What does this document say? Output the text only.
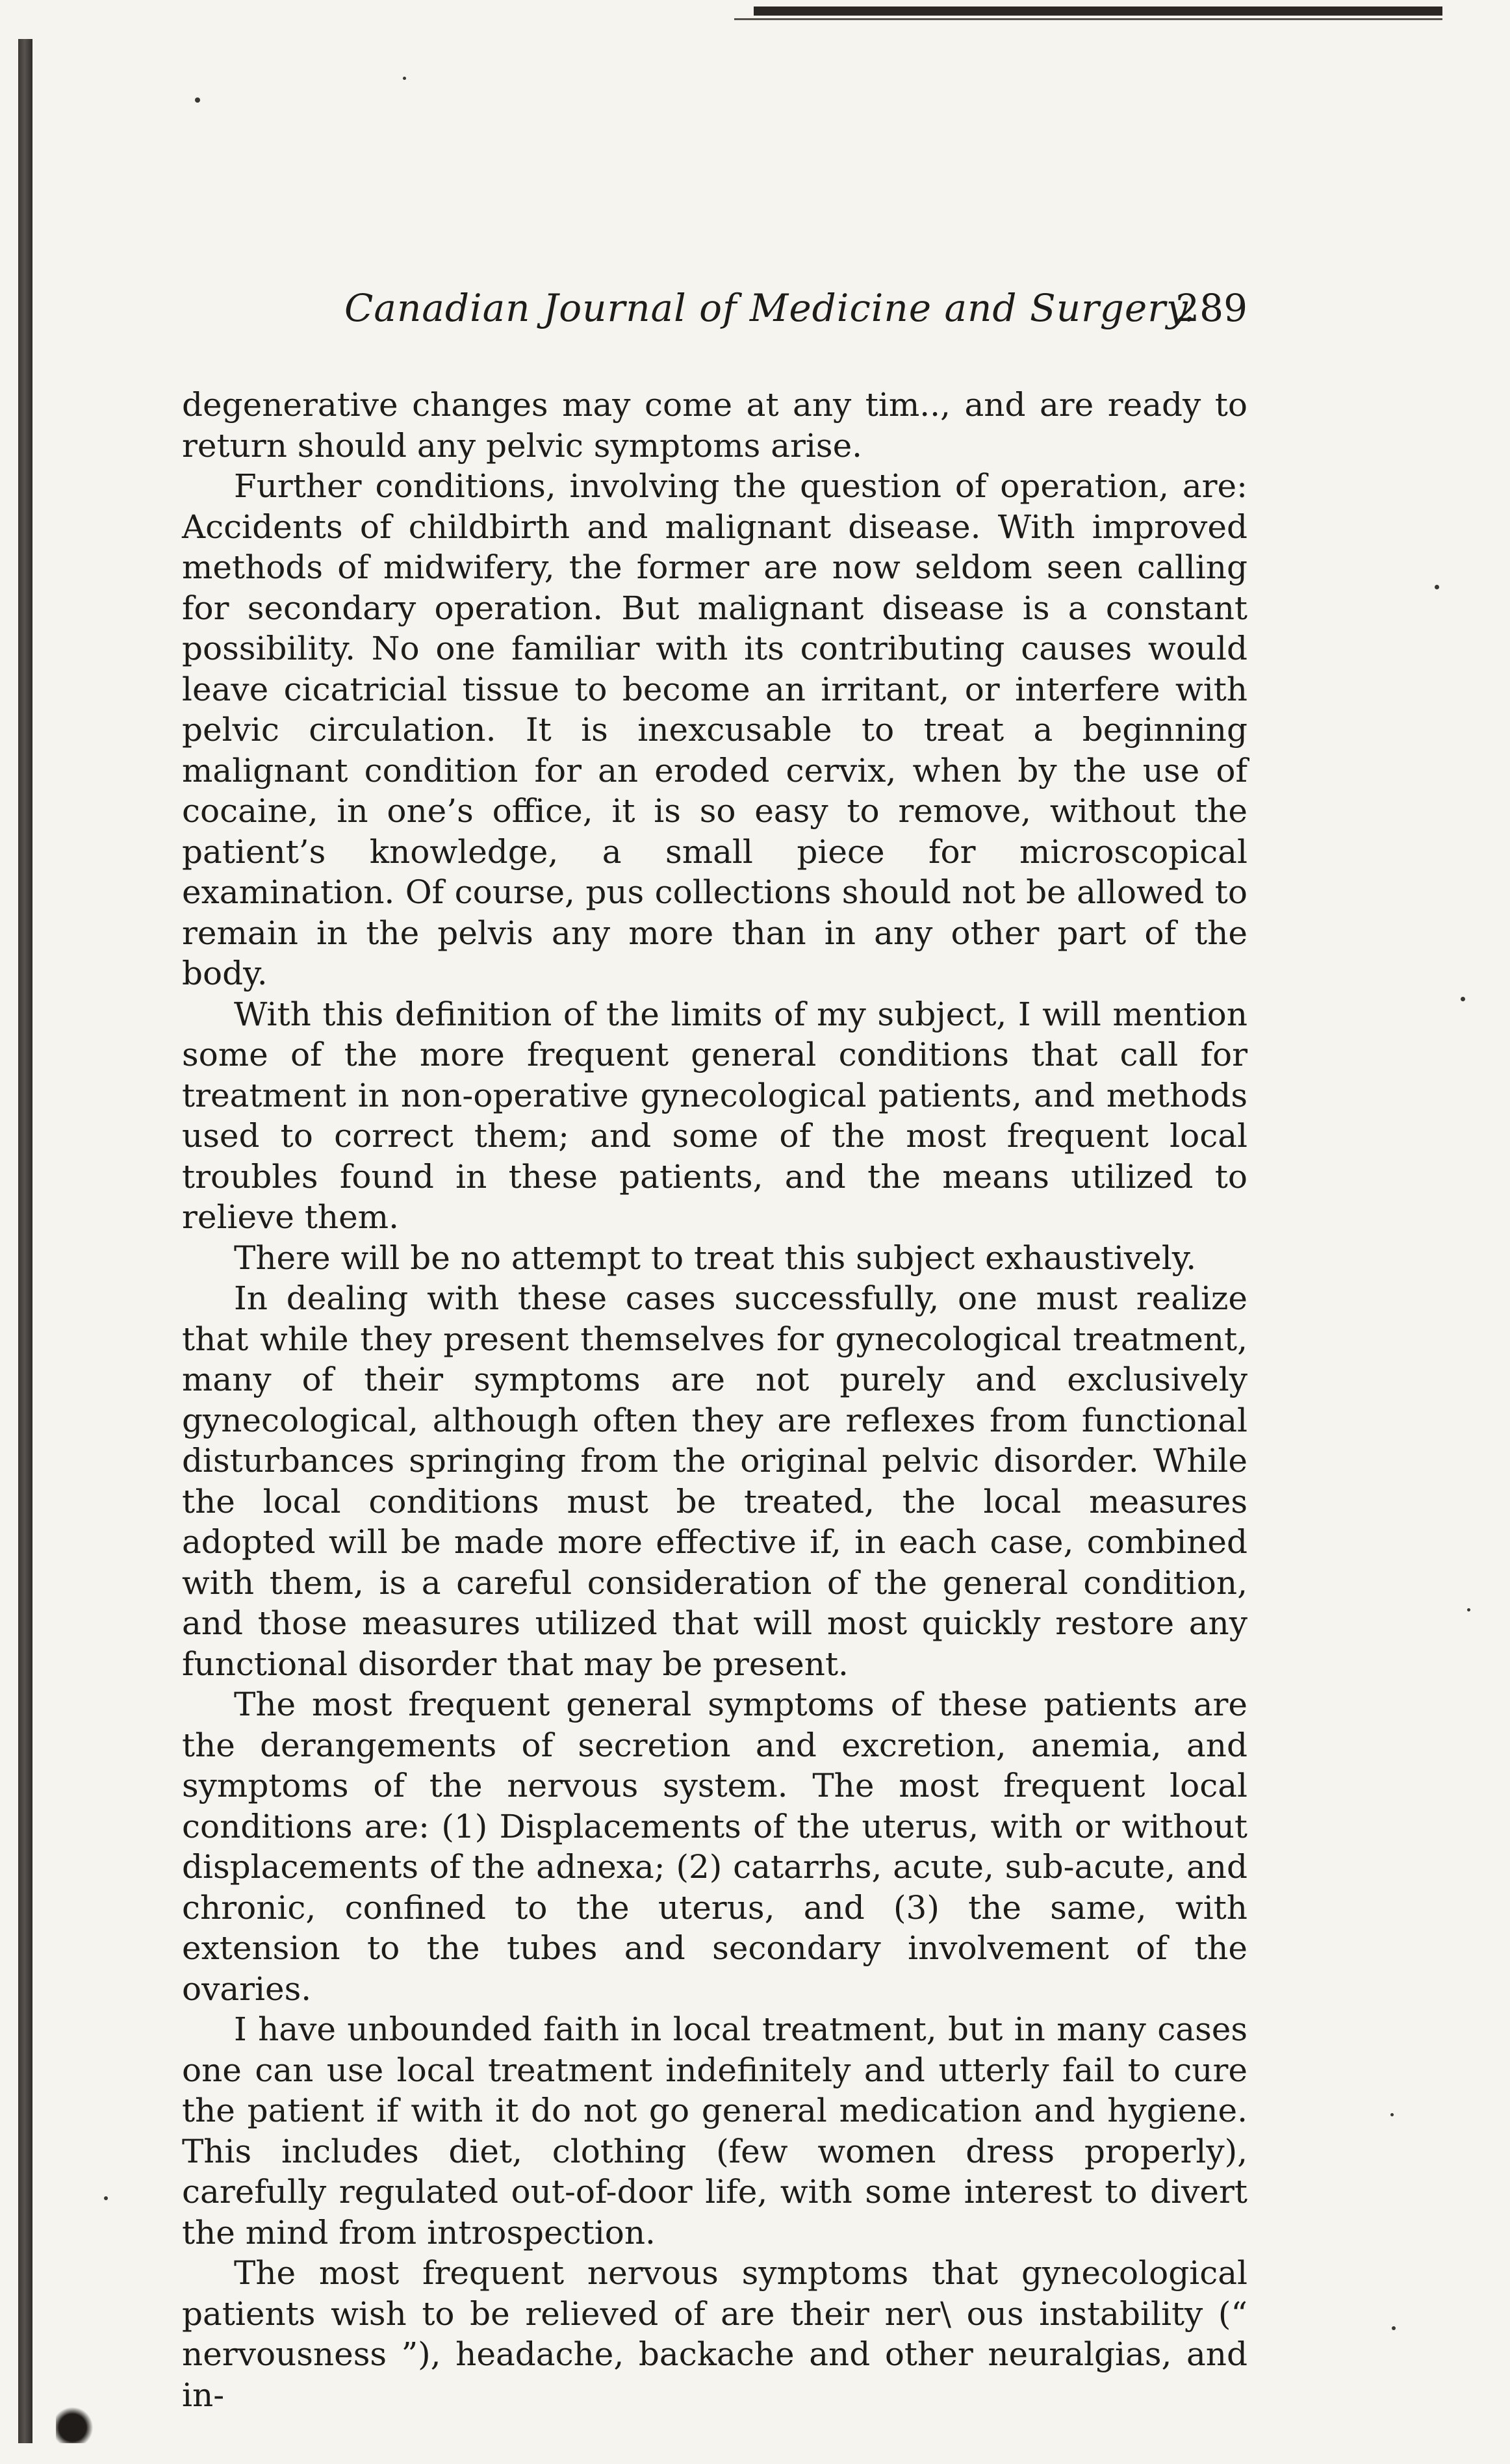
Canadian Journal of Medicine and Surgery.
289

degenerative changes may come at any tim.., and are ready to return should any pelvic symptoms arise.

Further conditions, involving the question of operation, are: Accidents of childbirth and malignant disease. With improved methods of midwifery, the former are now seldom seen calling for secondary operation. But malignant disease is a constant possibility. No one familiar with its contributing causes would leave cicatricial tissue to become an irritant, or interfere with pelvic circulation. It is inexcusable to treat a beginning malignant condition for an eroded cervix, when by the use of cocaine, in one’s office, it is so easy to remove, without the patient’s knowledge, a small piece for microscopical examination. Of course, pus collections should not be allowed to remain in the pelvis any more than in any other part of the body.

With this definition of the limits of my subject, I will mention some of the more frequent general conditions that call for treatment in non-operative gynecological patients, and methods used to correct them; and some of the most frequent local troubles found in these patients, and the means utilized to relieve them.

There will be no attempt to treat this subject exhaustively.

In dealing with these cases successfully, one must realize that while they present themselves for gynecological treatment, many of their symptoms are not purely and exclusively gynecological, although often they are reflexes from functional disturbances springing from the original pelvic disorder. While the local conditions must be treated, the local measures adopted will be made more effective if, in each case, combined with them, is a careful consideration of the general condition, and those measures utilized that will most quickly restore any functional disorder that may be present.

The most frequent general symptoms of these patients are the derangements of secretion and excretion, anemia, and symptoms of the nervous system. The most frequent local conditions are: (1) Displacements of the uterus, with or without displacements of the adnexa; (2) catarrhs, acute, sub-acute, and chronic, confined to the uterus, and (3) the same, with extension to the tubes and secondary involvement of the ovaries.

I have unbounded faith in local treatment, but in many cases one can use local treatment indefinitely and utterly fail to cure the patient if with it do not go general medication and hygiene. This includes diet, clothing (few women dress properly), carefully regulated out-of-door life, with some interest to divert the mind from introspection.

The most frequent nervous symptoms that gynecological patients wish to be relieved of are their ner\ ous instability (“ nervousness ”), headache, backache and other neuralgias, and in-
